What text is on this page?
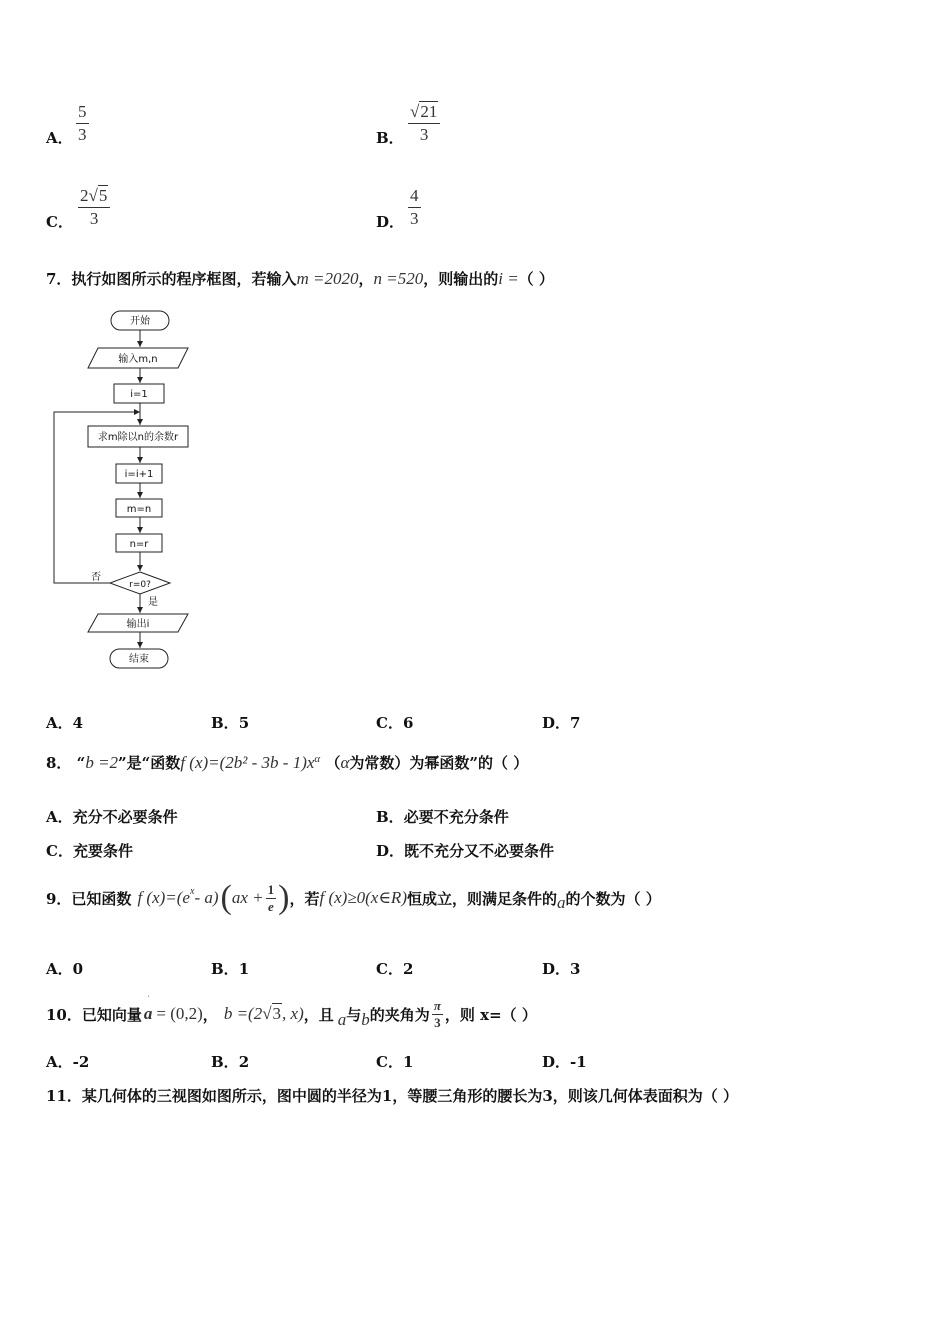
A． $\frac{5}{3}$	B． $\frac{√21}{3}$
C． $\frac{2√5}{3}$	D． $\frac{4}{3}$
7．执行如图所示的程序框图，若输入m =2020，n =520，则输出的i =（ ）
开始
输入m,n
i=1
求m除以n的余数r
i=i+1
m=n
n=r
r=0?
否
是
输出i
结束
A．4	B．5	C．6	D．7
8． “b =2”是“函数f $(x)=(2b^2 - 3b - 1)x^\alpha$ （α为常数）为幂函数”的（ ）
A．充分不必要条件	B．必要不充分条件
C．充要条件	D．既不充分又不必要条件
9．已知函数 f $(x)=(e^x - a)$ ( ax + $\frac{1}{e}$ ) ，若 f (x)≥0(x∈R) 恒成立，则满足条件的 a 的个数为（ ）
A．0	B．1	C．2	D．3
10．已知向量
ˈ
a = (0,2) ， b =(2 √3 , x) ，且 a 与 b 的夹角为 $\frac{\pi}{3}$ ，则 x=（ ）
A．-2	B．2	C．1	D．-1
11．某几何体的三视图如图所示，图中圆的半径为1，等腰三角形的腰长为3，则该几何体表面积为（ ）
